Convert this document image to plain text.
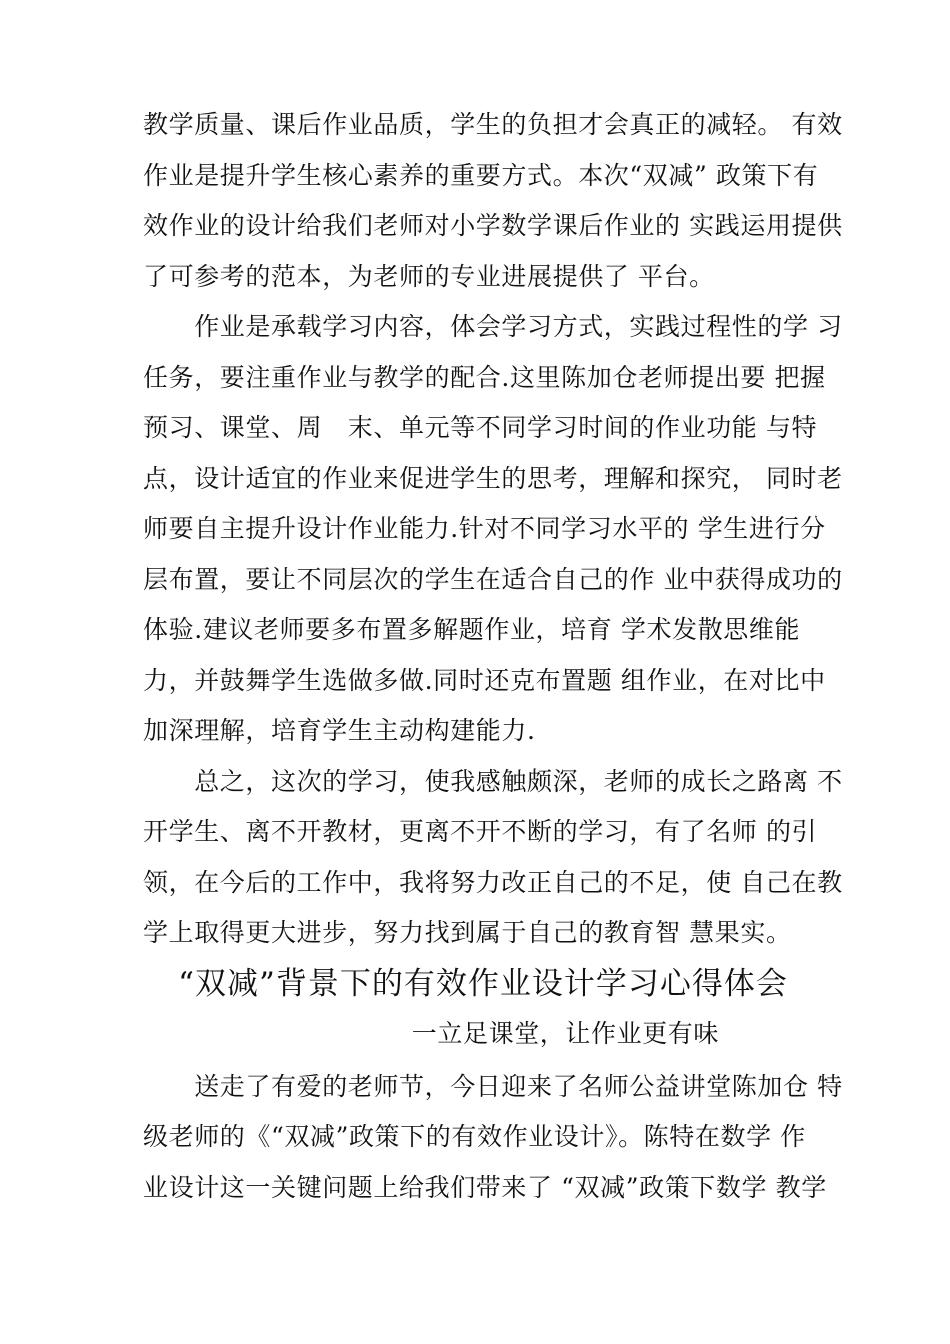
教学质量、课后作业品质，学生的负担才会真正的减轻。 有效

作业是提升学生核心素养的重要方式。本次“双减” 政策下有

效作业的设计给我们老师对小学数学课后作业的 实践运用提供

了可参考的范本，为老师的专业进展提供了 平台。

　　作业是承载学习内容，体会学习方式，实践过程性的学 习

任务，要注重作业与教学的配合.这里陈加仓老师提出要 把握

预习、课堂、周　末、单元等不同学习时间的作业功能 与特

点，设计适宜的作业来促进学生的思考，理解和探究， 同时老

师要自主提升设计作业能力.针对不同学习水平的 学生进行分

层布置，要让不同层次的学生在适合自己的作 业中获得成功的

体验.建议老师要多布置多解题作业，培育 学术发散思维能

力，并鼓舞学生选做多做.同时还克布置题 组作业，在对比中

加深理解，培育学生主动构建能力.

　　总之，这次的学习，使我感触颇深，老师的成长之路离 不

开学生、离不开教材，更离不开不断的学习，有了名师 的引

领，在今后的工作中，我将努力改正自己的不足，使 自己在教

学上取得更大进步，努力找到属于自己的教育智 慧果实。

“双减”背景下的有效作业设计学习心得体会
一立足课堂，让作业更有味

　　送走了有爱的老师节，今日迎来了名师公益讲堂陈加仓 特

级老师的《“双减”政策下的有效作业设计》。陈特在数学 作

业设计这一关键问题上给我们带来了 “双减”政策下数学 教学
